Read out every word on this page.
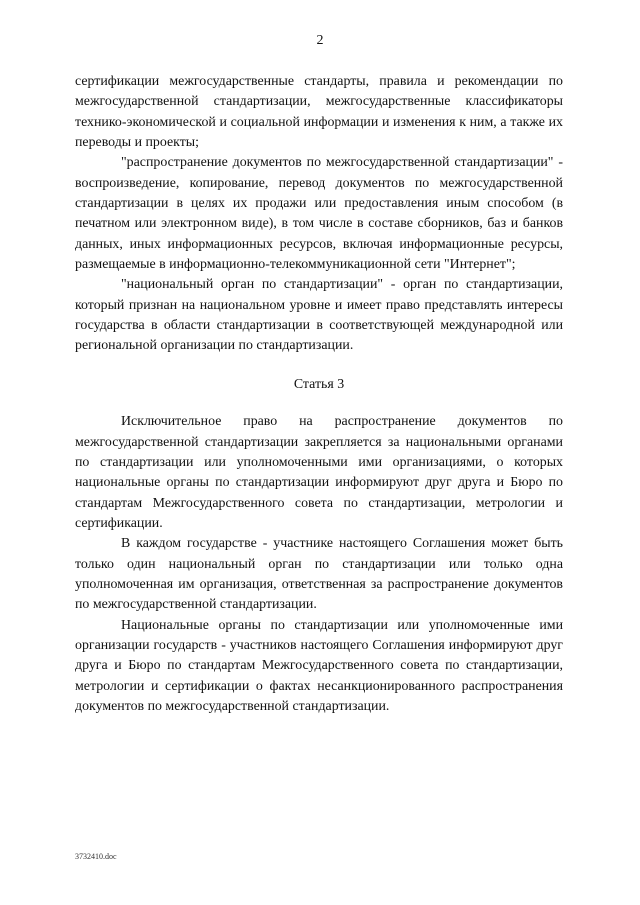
2

сертификации межгосударственные стандарты, правила и рекомендации по межгосударственной стандартизации, межгосударственные классификаторы технико-экономической и социальной информации и изменения к ним, а также их переводы и проекты;

"распространение документов по межгосударственной стандартизации" - воспроизведение, копирование, перевод документов по межгосударственной стандартизации в целях их продажи или предоставления иным способом (в печатном или электронном виде), в том числе в составе сборников, баз и банков данных, иных информационных ресурсов, включая информационные ресурсы, размещаемые в информационно-телекоммуникационной сети "Интернет";

"национальный орган по стандартизации" - орган по стандартизации, который признан на национальном уровне и имеет право представлять интересы государства в области стандартизации в соответствующей международной или региональной организации по стандартизации.

Статья 3

Исключительное право на распространение документов по межгосударственной стандартизации закрепляется за национальными органами по стандартизации или уполномоченными ими организациями, о которых национальные органы по стандартизации информируют друг друга и Бюро по стандартам Межгосударственного совета по стандартизации, метрологии и сертификации.

В каждом государстве - участнике настоящего Соглашения может быть только один национальный орган по стандартизации или только одна уполномоченная им организация, ответственная за распространение документов по межгосударственной стандартизации.

Национальные органы по стандартизации или уполномоченные ими организации государств - участников настоящего Соглашения информируют друг друга и Бюро по стандартам Межгосударственного совета по стандартизации, метрологии и сертификации о фактах несанкционированного распространения документов по межгосударственной стандартизации.

3732410.doc
